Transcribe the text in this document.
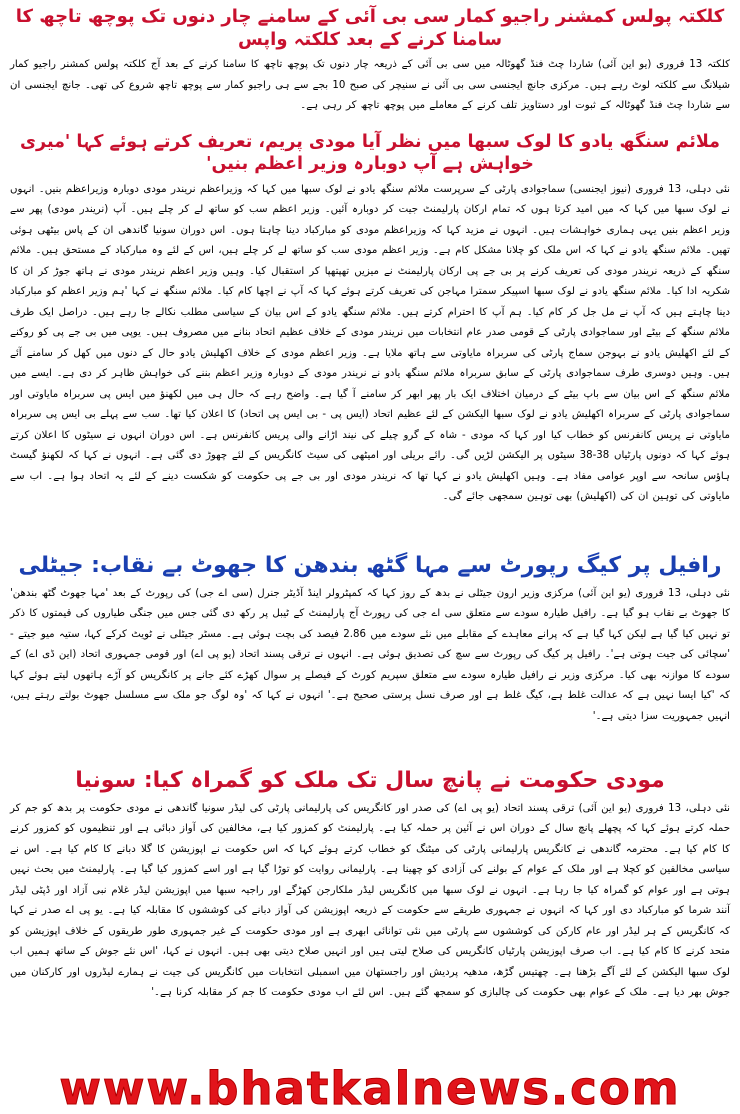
کلکتہ پولس کمشنر راجیو کمار سی بی آئی کے سامنے چار دنوں تک پوچھ تاچھ کا سامنا کرنے کے بعد کلکتہ واپس

کلکتہ 13 فروری (یو این آئی) شاردا چٹ فنڈ گھوٹالہ میں سی بی آئی کے ذریعہ چار دنوں تک پوچھ تاچھ کا سامنا کرنے کے بعد آج کلکتہ پولس کمشنر راجیو کمار شیلانگ سے کلکتہ لوٹ رہے ہیں۔ مرکزی جانچ ایجنسی سی بی آئی نے سنیچر کی صبح 10 بجے سے ہی راجیو کمار سے پوچھ تاچھ شروع کی تھی۔ جانچ ایجنسی ان سے شاردا چٹ فنڈ گھوٹالہ کے ثبوت اور دستاویز تلف کرنے کے معاملے میں پوچھ تاچھ کر رہی ہے۔

ملائم سنگھ یادو کا لوک سبھا میں نظر آیا مودی پریم، تعریف کرتے ہوئے کہا 'میری خواہش ہے آپ دوبارہ وزیر اعظم بنیں'

نئی دہلی، 13 فروری (نیوز ایجنسی) سماجوادی پارٹی کے سرپرست ملائم سنگھ یادو نے لوک سبھا میں کہا کہ وزیراعظم نریندر مودی دوبارہ وزیراعظم بنیں۔ انہوں نے لوک سبھا میں کہا کہ میں امید کرتا ہوں کہ تمام ارکان پارلیمنٹ جیت کر دوبارہ آئیں۔ وزیر اعظم سب کو ساتھ لے کر چلے ہیں۔ آپ (نریندر مودی) پھر سے وزیر اعظم بنیں یہی ہماری خواہشات ہیں۔ انہوں نے مزید کہا کہ وزیراعظم مودی کو مبارکباد دینا چاہتا ہوں۔ اس دوران سونیا گاندھی ان کے پاس بیٹھی ہوئی تھیں۔ ملائم سنگھ یادو نے کہا کہ اس ملک کو چلانا مشکل کام ہے۔ وزیر اعظم مودی سب کو ساتھ لے کر چلے ہیں، اس کے لئے وہ مبارکباد کے مستحق ہیں۔ ملائم سنگھ کے ذریعہ نریندر مودی کی تعریف کرنے پر بی جے پی ارکان پارلیمنٹ نے میزیں تھپتھپا کر استقبال کیا۔ وہیں وزیر اعظم نریندر مودی نے ہاتھ جوڑ کر ان کا شکریہ ادا کیا۔ ملائم سنگھ یادو نے لوک سبھا اسپیکر سمترا مہاجن کی تعریف کرتے ہوئے کہا کہ آپ نے اچھا کام کیا۔ ملائم سنگھ نے کہا 'ہم وزیر اعظم کو مبارکباد دینا چاہتے ہیں کہ آپ نے مل جل کر کام کیا۔ ہم آپ کا احترام کرتے ہیں۔ ملائم سنگھ یادو کے اس بیان کے سیاسی مطلب نکالے جا رہے ہیں۔ دراصل ایک طرف ملائم سنگھ کے بیٹے اور سماجوادی پارٹی کے قومی صدر عام انتخابات میں نریندر مودی کے خلاف عظیم اتحاد بنانے میں مصروف ہیں۔ یوپی میں بی جے پی کو روکنے کے لئے اکھلیش یادو نے بہوجن سماج پارٹی کی سربراہ مایاوتی سے ہاتھ ملایا ہے۔ وزیر اعظم مودی کے خلاف اکھلیش یادو حال کے دنوں میں کھل کر سامنے آئے ہیں۔ وہیں دوسری طرف سماجوادی پارٹی کے سابق سربراہ ملائم سنگھ یادو نے نریندر مودی کے دوبارہ وزیر اعظم بننے کی خواہش ظاہر کر دی ہے۔ ایسے میں ملائم سنگھ کے اس بیان سے باپ بیٹے کے درمیان اختلاف ایک بار پھر ابھر کر سامنے آ گیا ہے۔ واضح رہے کہ حال ہی میں لکھنؤ میں ایس پی سربراہ مایاوتی اور سماجوادی پارٹی کے سربراہ اکھلیش یادو نے لوک سبھا الیکشن کے لئے عظیم اتحاد (ایس پی - بی ایس پی اتحاد) کا اعلان کیا تھا۔ سب سے پہلے بی ایس پی سربراہ مایاوتی نے پریس کانفرنس کو خطاب کیا اور کہا کہ مودی - شاہ کے گرو چیلے کی نیند اڑانے والی پریس کانفرنس ہے۔ اس دوران انہوں نے سیٹوں کا اعلان کرتے ہوئے کہا کہ دونوں پارٹیاں 38-38 سیٹوں پر الیکشن لڑیں گی۔ رائے بریلی اور امیٹھی کی سیٹ کانگریس کے لئے چھوڑ دی گئی ہے۔ انہوں نے کہا کہ لکھنؤ گیسٹ ہاؤس سانحہ سے اوپر عوامی مفاد ہے۔ وہیں اکھلیش یادو نے کہا تھا کہ نریندر مودی اور بی جے پی حکومت کو شکست دینے کے لئے یہ اتحاد ہوا ہے۔ اب سے مایاوتی کی توہین ان کی (اکھلیش) بھی توہین سمجھی جائے گی۔

رافیل پر کیگ رپورٹ سے مہا گٹھ بندھن کا جھوٹ بے نقاب: جیٹلی

نئی دہلی، 13 فروری (یو این آئی) مرکزی وزیر ارون جیٹلی نے بدھ کے روز کہا کہ کمپٹرولر اینڈ آڈیٹر جنرل (سی اے جی) کی رپورٹ کے بعد 'مہا جھوٹ گٹھ بندھن' کا جھوٹ بے نقاب ہو گیا ہے۔ رافیل طیارہ سودے سے متعلق سی اے جی کی رپورٹ آج پارلیمنٹ کے ٹیبل پر رکھ دی گئی جس میں جنگی طیاروں کی قیمتوں کا ذکر تو نہیں کیا گیا ہے لیکن کہا گیا ہے کہ پرانے معاہدے کے مقابلے میں نئے سودے میں 2.86 فیصد کی بچت ہوئی ہے۔ مسٹر جیٹلی نے ٹویٹ کرکے کہا، ستیہ میو جیتے - 'سچائی کی جیت ہوتی ہے'۔ رافیل پر کیگ کی رپورٹ سے سچ کی تصدیق ہوئی ہے۔ انہوں نے ترقی پسند اتحاد (یو پی اے) اور قومی جمہوری اتحاد (این ڈی اے) کے سودے کا موازنہ بھی کیا۔ مرکزی وزیر نے رافیل طیارہ سودے سے متعلق سپریم کورٹ کے فیصلے پر سوال کھڑے کئے جانے پر کانگریس کو آڑے ہاتھوں لیتے ہوئے کہا کہ 'کیا ایسا نہیں ہے کہ عدالت غلط ہے، کیگ غلط ہے اور صرف نسل پرستی صحیح ہے۔' انہوں نے کہا کہ 'وہ لوگ جو ملک سے مسلسل جھوٹ بولتے رہتے ہیں، انہیں جمہوریت سزا دیتی ہے۔'

مودی حکومت نے پانچ سال تک ملک کو گمراہ کیا: سونیا

نئی دہلی، 13 فروری (یو این آئی) ترقی پسند اتحاد (یو پی اے) کی صدر اور کانگریس کی پارلیمانی پارٹی کی لیڈر سونیا گاندھی نے مودی حکومت پر بدھ کو جم کر حملہ کرتے ہوئے کہا کہ پچھلے پانچ سال کے دوران اس نے آئین پر حملہ کیا ہے۔ پارلیمنٹ کو کمزور کیا ہے، مخالفین کی آواز دبائی ہے اور تنظیموں کو کمزور کرنے کا کام کیا ہے۔ محترمہ گاندھی نے کانگریس پارلیمانی پارٹی کی میٹنگ کو خطاب کرتے ہوئے کہا کہ اس حکومت نے اپوزیشن کا گلا دبانے کا کام کیا ہے۔ اس نے سیاسی مخالفین کو کچلا ہے اور ملک کے عوام کے بولنے کی آزادی کو چھینا ہے۔ پارلیمانی روایت کو توڑا گیا ہے اور اسے کمزور کیا گیا ہے۔ پارلیمنٹ میں بحث نہیں ہوتی ہے اور عوام کو گمراہ کیا جا رہا ہے۔ انہوں نے لوک سبھا میں کانگریس لیڈر ملکارجن کھڑگے اور راجیہ سبھا میں اپوزیشن لیڈر غلام نبی آزاد اور ڈپٹی لیڈر آنند شرما کو مبارکباد دی اور کہا کہ انہوں نے جمہوری طریقے سے حکومت کے ذریعہ اپوزیشن کی آواز دبانے کی کوششوں کا مقابلہ کیا ہے۔ یو پی اے صدر نے کہا کہ کانگریس کے ہر لیڈر اور عام کارکن کی کوششوں سے پارٹی میں نئی توانائی ابھری ہے اور مودی حکومت کے غیر جمہوری طور طریقوں کے خلاف اپوزیشن کو متحد کرنے کا کام کیا ہے۔ اب صرف اپوزیشن پارٹیاں کانگریس کی صلاح لیتی ہیں اور انہیں صلاح دیتی بھی ہیں۔ انہوں نے کہا، 'اس نئے جوش کے ساتھ ہمیں اب لوک سبھا الیکشن کے لئے آگے بڑھنا ہے۔ چھتیس گڑھ، مدھیہ پردیش اور راجستھان میں اسمبلی انتخابات میں کانگریس کی جیت نے ہمارے لیڈروں اور کارکنان میں جوش بھر دیا ہے۔ ملک کے عوام بھی حکومت کی چالبازی کو سمجھ گئے ہیں۔ اس لئے اب مودی حکومت کا جم کر مقابلہ کرنا ہے۔'

www.bhatkalnews.com
